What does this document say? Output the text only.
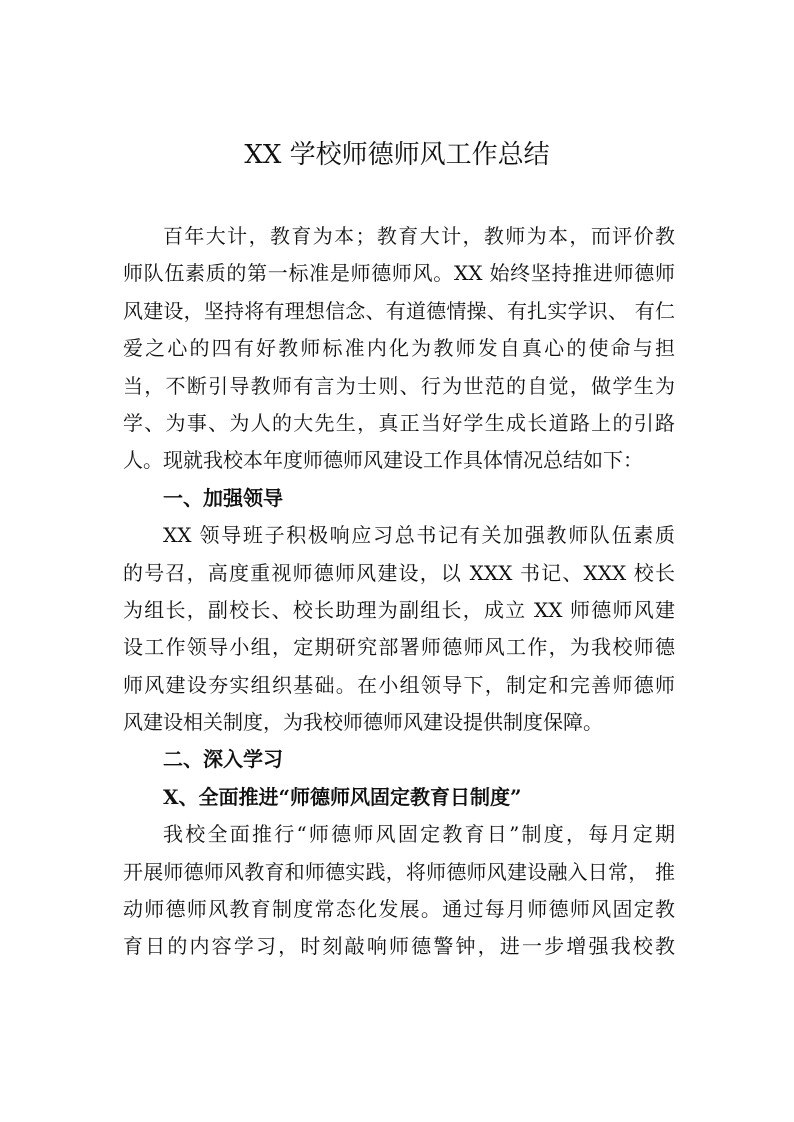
XX 学校师德师风工作总结
百年大计，教育为本；教育大计，教师为本，而评价教
师队伍素质的第一标准是师德师风。XX 始终坚持推进师德师
风建设，坚持将有理想信念、有道德情操、有扎实学识、 有仁
爱之心的四有好教师标准内化为教师发自真心的使命与担
当，不断引导教师有言为士则、行为世范的自觉，做学生为
学、为事、为人的大先生，真正当好学生成长道路上的引路
人。现就我校本年度师德师风建设工作具体情况总结如下：
一、加强领导
XX 领导班子积极响应习总书记有关加强教师队伍素质
的号召，高度重视师德师风建设，以 XXX 书记、XXX 校长
为组长，副校长、校长助理为副组长，成立 XX 师德师风建
设工作领导小组，定期研究部署师德师风工作，为我校师德
师风建设夯实组织基础。在小组领导下，制定和完善师德师
风建设相关制度，为我校师德师风建设提供制度保障。
二、深入学习
X、全面推进“师德师风固定教育日制度”
我校全面推行“师德师风固定教育日”制度，每月定期
开展师德师风教育和师德实践，将师德师风建设融入日常， 推
动师德师风教育制度常态化发展。通过每月师德师风固定教
育日的内容学习，时刻敲响师德警钟，进一步增强我校教
